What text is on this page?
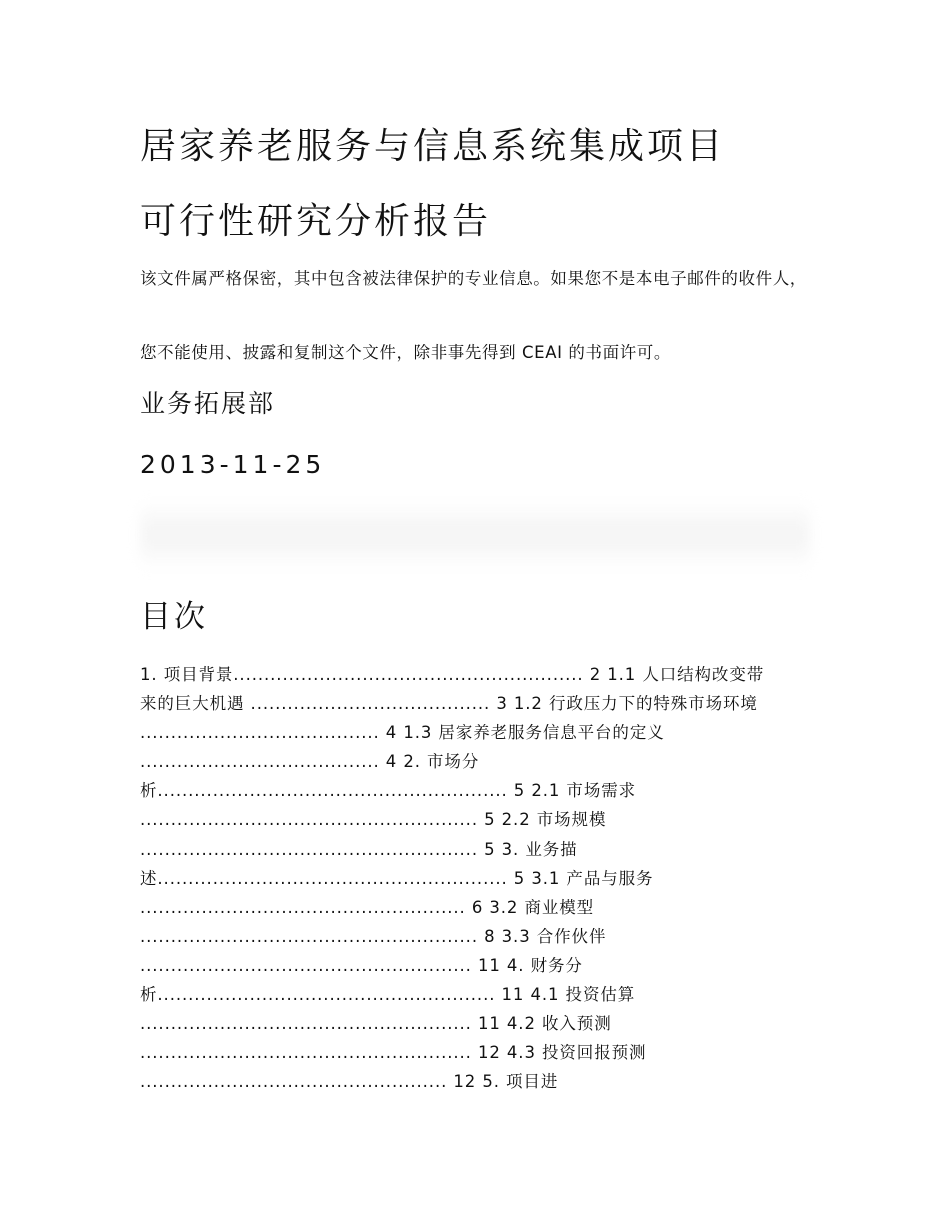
居家养老服务与信息系统集成项目
可行性研究分析报告
该文件属严格保密，其中包含被法律保护的专业信息。如果您不是本电子邮件的收件人，
您不能使用、披露和复制这个文件，除非事先得到 CEAI 的书面许可。
业务拓展部
2013-11-25
目次
1. 项目背景......................................................... 2 1.1 人口结构改变带
来的巨大机遇 ....................................... 3 1.2 行政压力下的特殊市场环境
....................................... 4 1.3 居家养老服务信息平台的定义
....................................... 4 2. 市场分
析......................................................... 5 2.1 市场需求
....................................................... 5 2.2 市场规模
....................................................... 5 3. 业务描
述......................................................... 5 3.1 产品与服务
..................................................... 6 3.2 商业模型
....................................................... 8 3.3 合作伙伴
...................................................... 11 4. 财务分
析....................................................... 11 4.1 投资估算
...................................................... 11 4.2 收入预测
...................................................... 12 4.3 投资回报预测
.................................................. 12 5. 项目进
